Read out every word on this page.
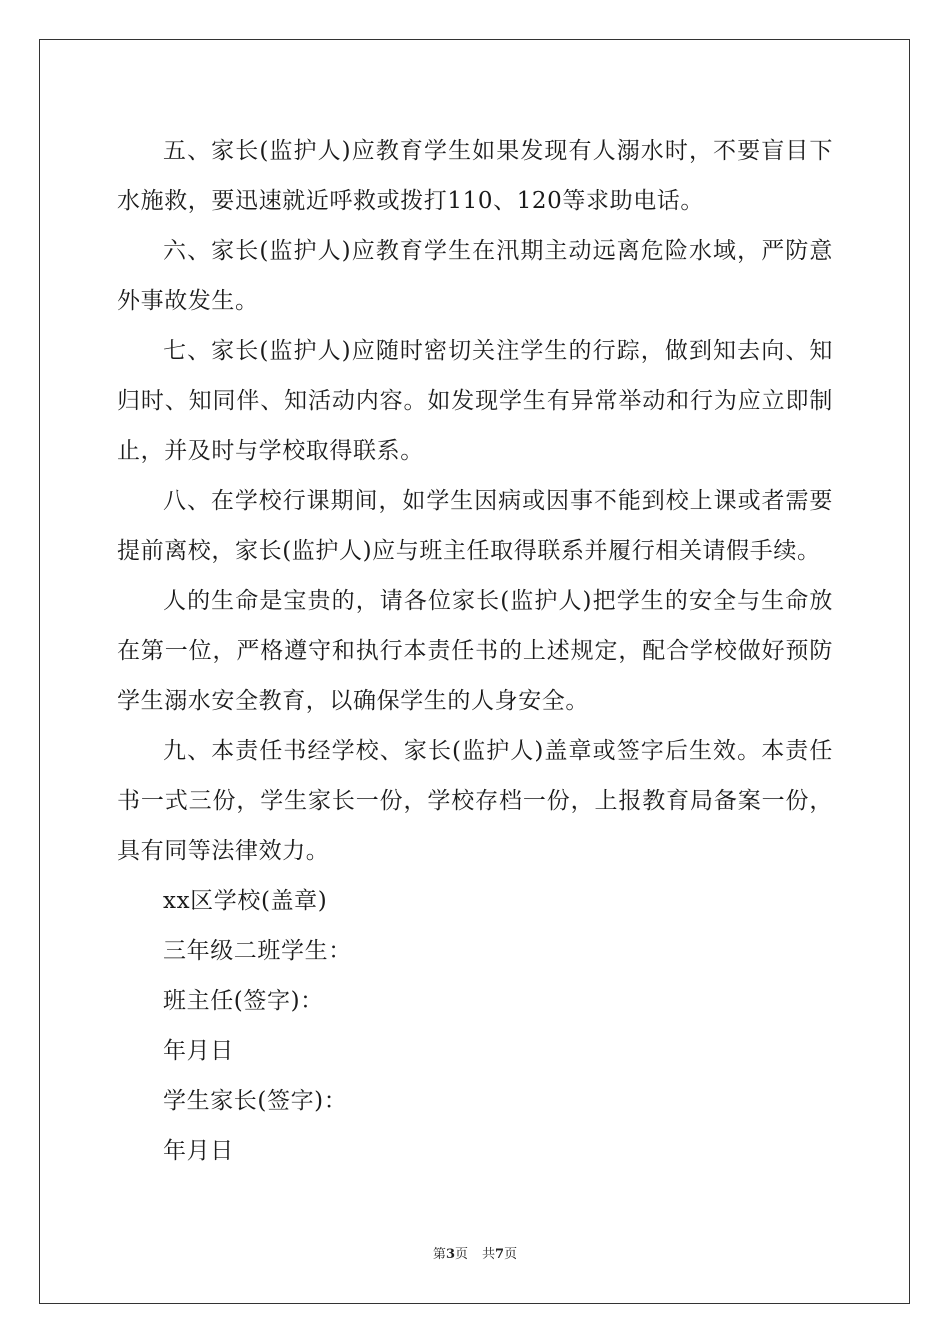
五、家长(监护人)应教育学生如果发现有人溺水时，不要盲目下水施救，要迅速就近呼救或拨打110、120等求助电话。

六、家长(监护人)应教育学生在汛期主动远离危险水域，严防意外事故发生。

七、家长(监护人)应随时密切关注学生的行踪，做到知去向、知归时、知同伴、知活动内容。如发现学生有异常举动和行为应立即制止，并及时与学校取得联系。

八、在学校行课期间，如学生因病或因事不能到校上课或者需要提前离校，家长(监护人)应与班主任取得联系并履行相关请假手续。

人的生命是宝贵的，请各位家长(监护人)把学生的安全与生命放在第一位，严格遵守和执行本责任书的上述规定，配合学校做好预防学生溺水安全教育，以确保学生的人身安全。

九、本责任书经学校、家长(监护人)盖章或签字后生效。本责任书一式三份，学生家长一份，学校存档一份，上报教育局备案一份，具有同等法律效力。

xx区学校(盖章)

三年级二班学生：

班主任(签字)：

年月日

学生家长(签字)：

年月日

第3页 共7页
